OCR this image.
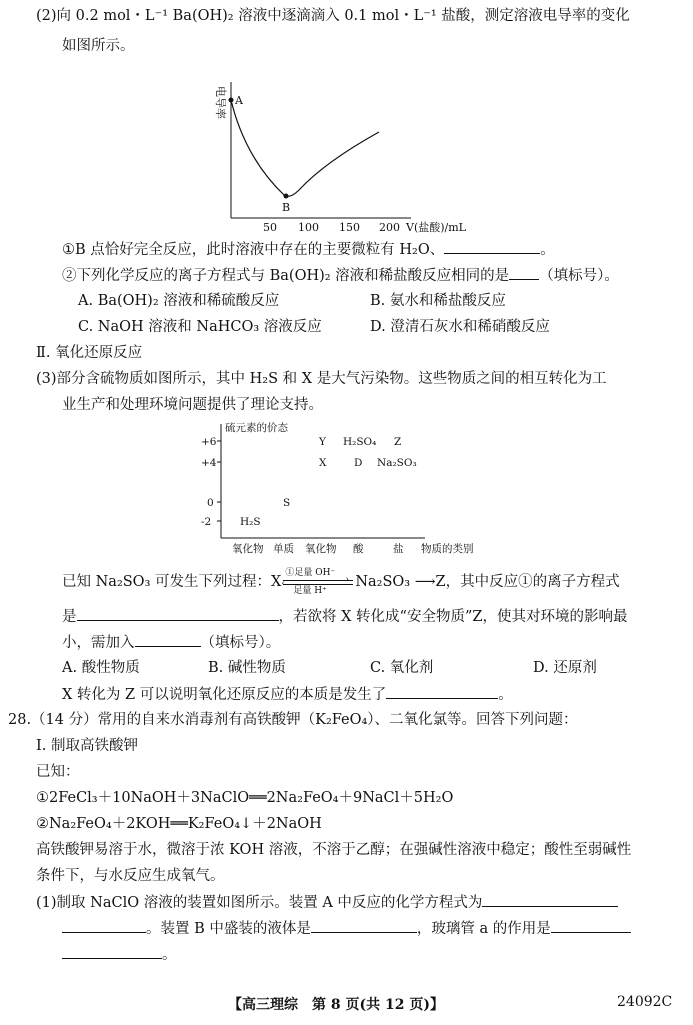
(2)向 0.2 mol・L⁻¹ Ba(OH)₂ 溶液中逐滴滴入 0.1 mol・L⁻¹ 盐酸，测定溶液电导率的变化
如图所示。
电导率 A
B
50 100 150 200 V(盐酸)/mL
①B 点恰好完全反应，此时溶液中存在的主要微粒有 H₂O、	。
②下列化学反应的离子方程式与 Ba(OH)₂ 溶液和稀盐酸反应相同的是 （填标号）。
A. Ba(OH)₂ 溶液和稀硫酸反应	B. 氨水和稀盐酸反应
C. NaOH 溶液和 NaHCO₃ 溶液反应	D. 澄清石灰水和稀硝酸反应
Ⅱ. 氧化还原反应
(3)部分含硫物质如图所示，其中 H₂S 和 X 是大气污染物。这些物质之间的相互转化为工
业生产和处理环境问题提供了理论支持。
硫元素的价态
+6
+4
0
-2
Y H₂SO₄ Z
X	D Na₂SO₃
S
H₂S
氧化物 单质 氧化物 酸	盐 物质的类别
已知 Na₂SO₃ 可发生下列过程：X
①足量 OH⁻
›
‹
足量 H⁺
Na₂SO₃ ⟶Z，其中反应①的离子方程式
是	，若欲将 X 转化成“安全物质”Z，使其对环境的影响最
小，需加入	（填标号）。
A. 酸性物质	B. 碱性物质	C. 氧化剂	D. 还原剂
X 转化为 Z 可以说明氧化还原反应的本质是发生了	。
28.（14 分）常用的自来水消毒剂有高铁酸钾（K₂FeO₄）、二氧化氯等。回答下列问题：
Ⅰ. 制取高铁酸钾
已知：
①2FeCl₃＋10NaOH＋3NaClO══2Na₂FeO₄＋9NaCl＋5H₂O
②Na₂FeO₄＋2KOH══K₂FeO₄↓＋2NaOH
高铁酸钾易溶于水，微溶于浓 KOH 溶液，不溶于乙醇；在强碱性溶液中稳定；酸性至弱碱性
条件下，与水反应生成氧气。
(1)制取 NaClO 溶液的装置如图所示。装置 A 中反应的化学方程式为
。装置 B 中盛装的液体是	，玻璃管 a 的作用是
。
【高三理综　第 8 页(共 12 页)】	24092C
